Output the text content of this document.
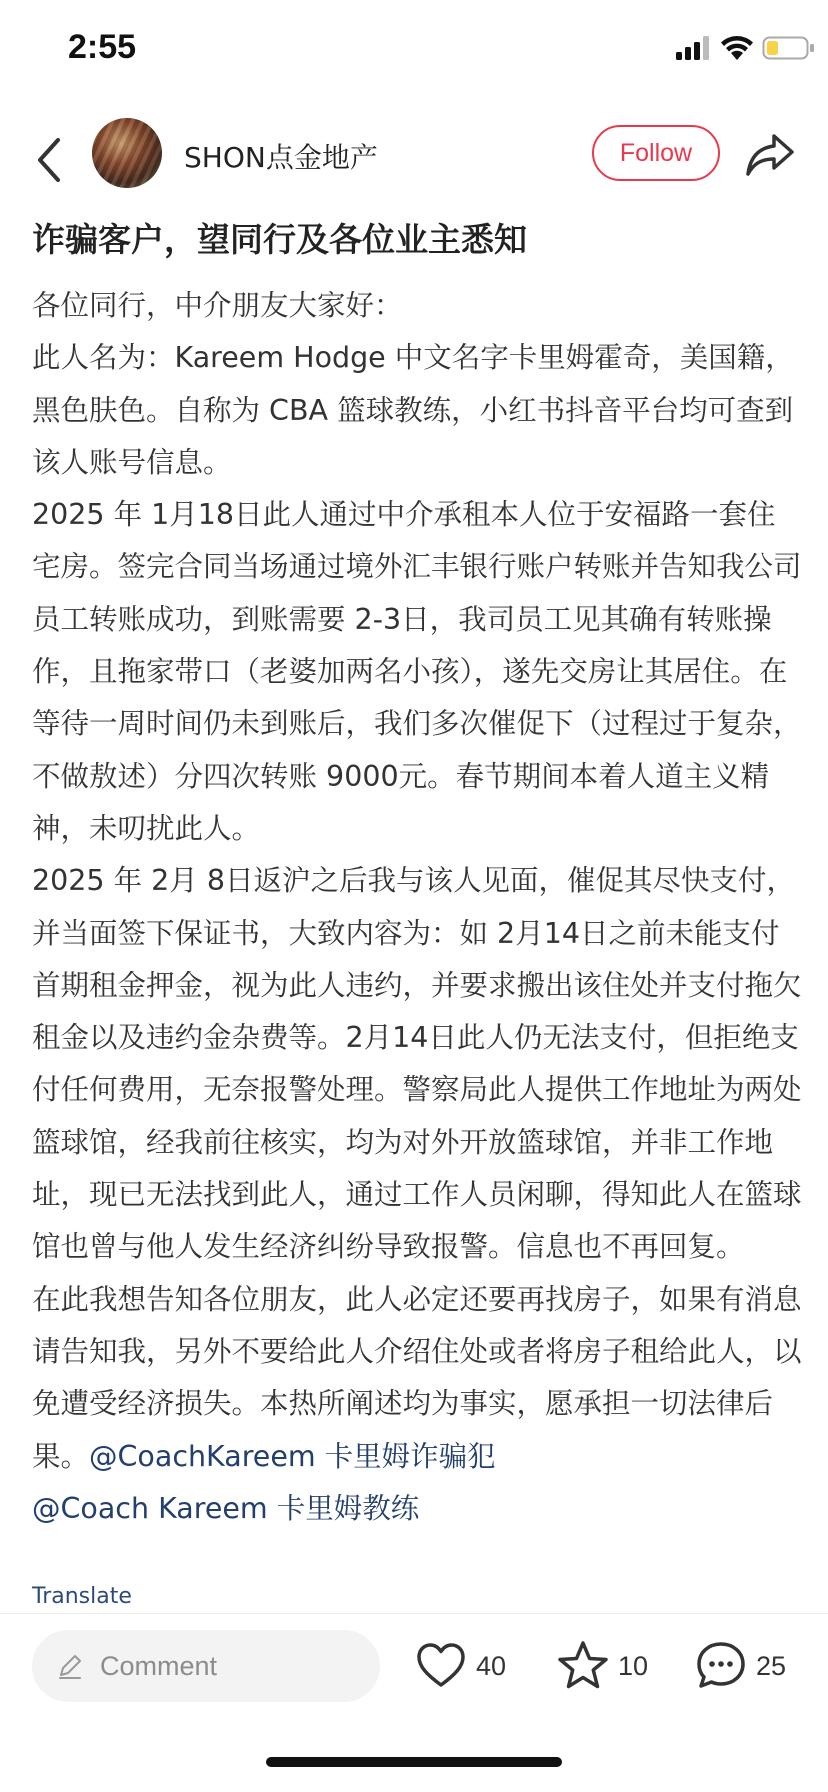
2:55
SHON点金地产	Follow
诈骗客户，望同行及各位业主悉知

各位同行，中介朋友大家好：

此人名为：Kareem Hodge 中文名字卡里姆霍奇，美国籍，黑色肤色。自称为 CBA 篮球教练，小红书抖音平台均可查到该人账号信息。

2025 年 1月18日此人通过中介承租本人位于安福路一套住宅房。签完合同当场通过境外汇丰银行账户转账并告知我公司员工转账成功，到账需要 2-3日，我司员工见其确有转账操作，且拖家带口（老婆加两名小孩），遂先交房让其居住。在等待一周时间仍未到账后，我们多次催促下（过程过于复杂，不做敖述）分四次转账 9000元。春节期间本着人道主义精神，未叨扰此人。

2025 年 2月 8日返沪之后我与该人见面，催促其尽快支付，并当面签下保证书，大致内容为：如 2月14日之前未能支付首期租金押金，视为此人违约，并要求搬出该住处并支付拖欠租金以及违约金杂费等。2月14日此人仍无法支付，但拒绝支付任何费用，无奈报警处理。警察局此人提供工作地址为两处篮球馆，经我前往核实，均为对外开放篮球馆，并非工作地址，现已无法找到此人，通过工作人员闲聊，得知此人在篮球馆也曾与他人发生经济纠纷导致报警。信息也不再回复。

在此我想告知各位朋友，此人必定还要再找房子，如果有消息请告知我，另外不要给此人介绍住处或者将房子租给此人，以免遭受经济损失。本热所阐述均为事实，愿承担一切法律后果。@CoachKareem 卡里姆诈骗犯
@Coach Kareem 卡里姆教练

Translate
Comment	40	10	25
